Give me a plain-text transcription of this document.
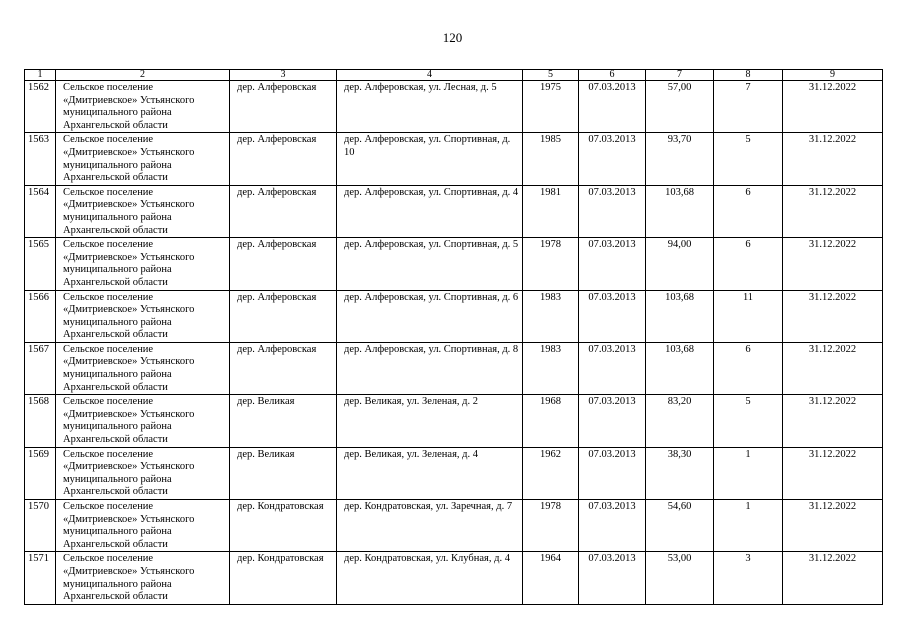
120
1	2	3	4	5	6	7	8	9
1562	Сельское поселение «Дмитриевское» Устьянского муниципального района Архангельской области	дер. Алферовская	дер. Алферовская, ул. Лесная, д. 5	1975	07.03.2013	57,00	7	31.12.2022
1563	Сельское поселение «Дмитриевское» Устьянского муниципального района Архангельской области	дер. Алферовская	дер. Алферовская, ул. Спортивная, д. 10	1985	07.03.2013	93,70	5	31.12.2022
1564	Сельское поселение «Дмитриевское» Устьянского муниципального района Архангельской области	дер. Алферовская	дер. Алферовская, ул. Спортивная, д. 4	1981	07.03.2013	103,68	6	31.12.2022
1565	Сельское поселение «Дмитриевское» Устьянского муниципального района Архангельской области	дер. Алферовская	дер. Алферовская, ул. Спортивная, д. 5	1978	07.03.2013	94,00	6	31.12.2022
1566	Сельское поселение «Дмитриевское» Устьянского муниципального района Архангельской области	дер. Алферовская	дер. Алферовская, ул. Спортивная, д. 6	1983	07.03.2013	103,68	11	31.12.2022
1567	Сельское поселение «Дмитриевское» Устьянского муниципального района Архангельской области	дер. Алферовская	дер. Алферовская, ул. Спортивная, д. 8	1983	07.03.2013	103,68	6	31.12.2022
1568	Сельское поселение «Дмитриевское» Устьянского муниципального района Архангельской области	дер. Великая	дер. Великая, ул. Зеленая, д. 2	1968	07.03.2013	83,20	5	31.12.2022
1569	Сельское поселение «Дмитриевское» Устьянского муниципального района Архангельской области	дер. Великая	дер. Великая, ул. Зеленая, д. 4	1962	07.03.2013	38,30	1	31.12.2022
1570	Сельское поселение «Дмитриевское» Устьянского муниципального района Архангельской области	дер. Кондратовская	дер. Кондратовская, ул. Заречная, д. 7	1978	07.03.2013	54,60	1	31.12.2022
1571	Сельское поселение «Дмитриевское» Устьянского муниципального района Архангельской области	дер. Кондратовская	дер. Кондратовская, ул. Клубная, д. 4	1964	07.03.2013	53,00	3	31.12.2022
